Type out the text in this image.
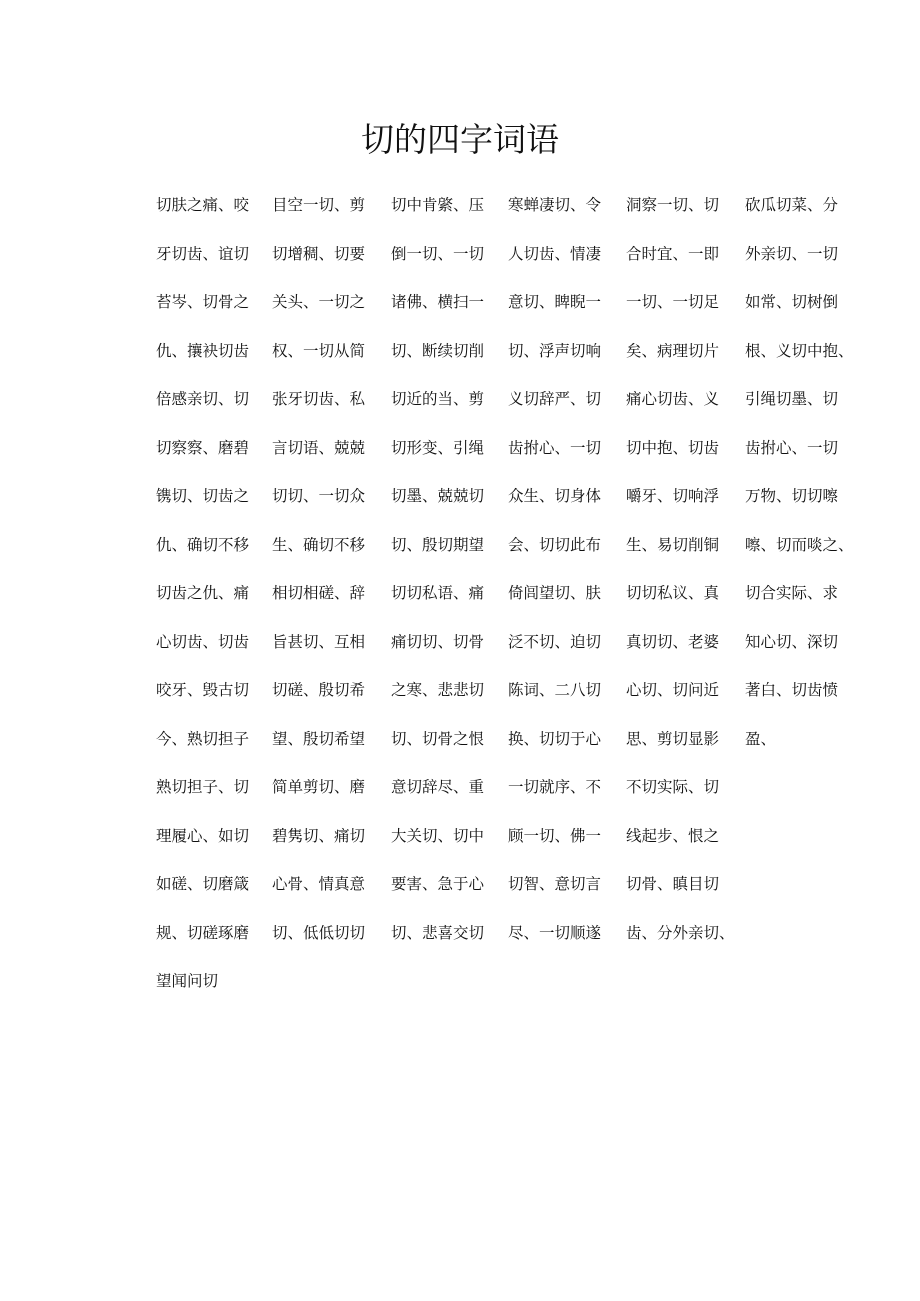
切的四字词语
切肤之痛、咬 目空一切、剪 切中肯綮、压 寒蝉凄切、令 洞察一切、切 砍瓜切菜、分
牙切齿、谊切 切增稠、切要 倒一切、一切 人切齿、情凄 合时宜、一即 外亲切、一切
苔岑、切骨之 关头、一切之 诸佛、横扫一 意切、睥睨一 一切、一切足 如常、切树倒
仇、攘袂切齿 权、一切从简 切、断续切削 切、浮声切响 矣、病理切片 根、义切中抱、
倍感亲切、切 张牙切齿、私 切近的当、剪 义切辞严、切 痛心切齿、义 引绳切墨、切
切察察、磨碧 言切语、兢兢 切形变、引绳 齿拊心、一切 切中抱、切齿 齿拊心、一切
镌切、切齿之 切切、一切众 切墨、兢兢切 众生、切身体 嚼牙、切响浮 万物、切切嚓
仇、确切不移 生、确切不移 切、殷切期望 会、切切此布 生、易切削铜 嚓、切而啖之、
切齿之仇、痛 相切相磋、辞 切切私语、痛 倚闾望切、肤 切切私议、真 切合实际、求
心切齿、切齿 旨甚切、互相 痛切切、切骨 泛不切、迫切 真切切、老婆 知心切、深切
咬牙、毁古切 切磋、殷切希 之寒、悲悲切 陈词、二八切 心切、切问近 著白、切齿愤
今、熟切担子 望、殷切希望 切、切骨之恨 换、切切于心 思、剪切显影 盈、
熟切担子、切 简单剪切、磨 意切辞尽、重 一切就序、不 不切实际、切
理履心、如切 碧隽切、痛切 大关切、切中 顾一切、佛一 线起步、恨之
如磋、切磨箴 心骨、情真意 要害、急于心 切智、意切言 切骨、瞋目切
规、切磋琢磨 切、低低切切 切、悲喜交切 尽、一切顺遂 齿、分外亲切、
望闻问切
